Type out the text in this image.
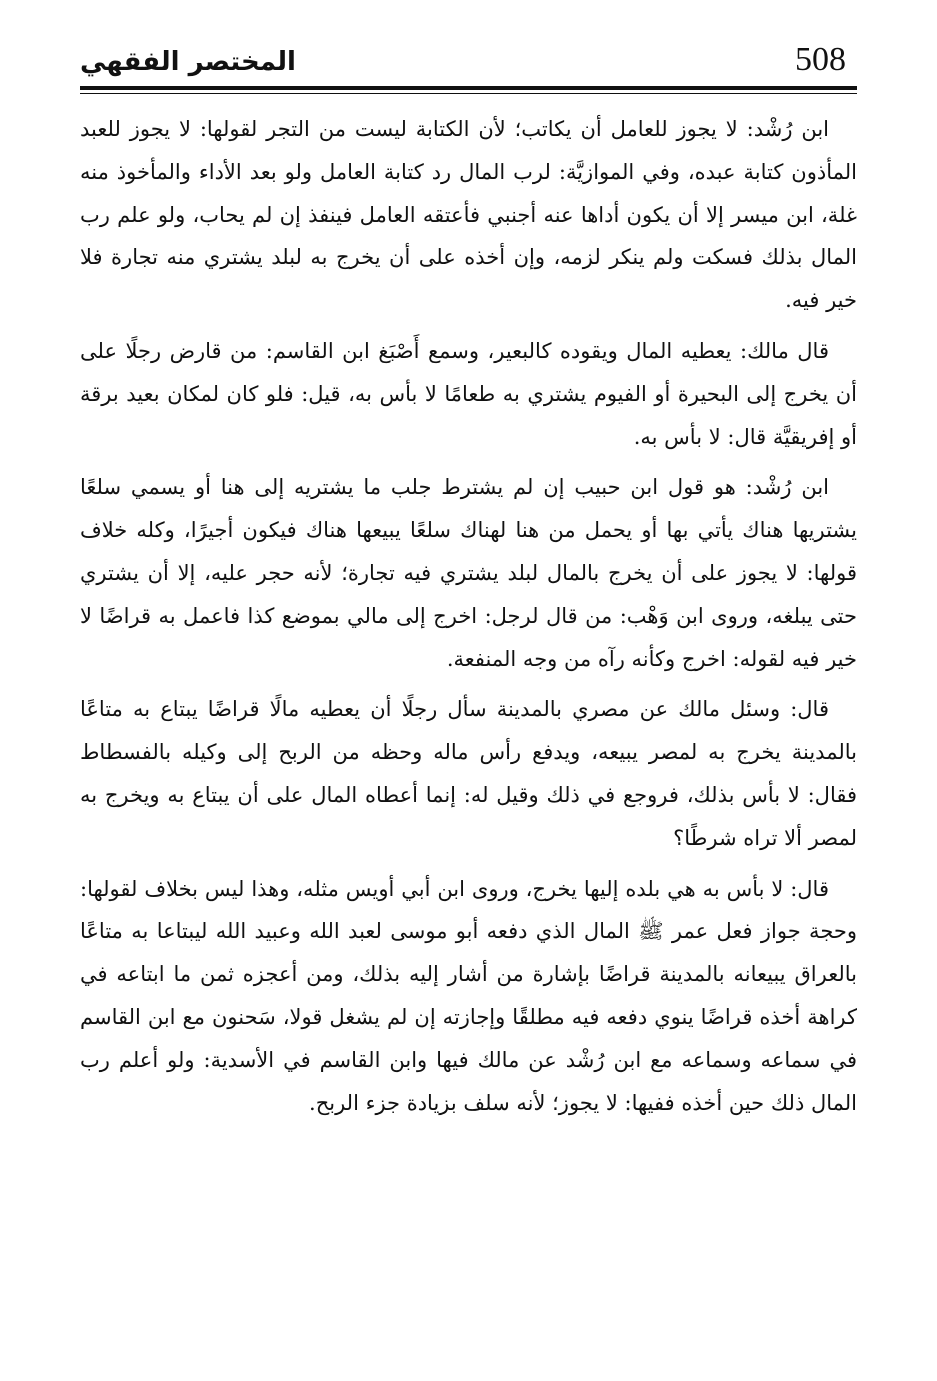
المختصر الفقهي	508

ابن رُشْد: لا يجوز للعامل أن يكاتب؛ لأن الكتابة ليست من التجر لقولها: لا يجوز للعبد المأذون كتابة عبده، وفي الموازيَّة: لرب المال رد كتابة العامل ولو بعد الأداء والمأخوذ منه غلة، ابن ميسر إلا أن يكون أداها عنه أجنبي فأعتقه العامل فينفذ إن لم يحاب، ولو علم رب المال بذلك فسكت ولم ينكر لزمه، وإن أخذه على أن يخرج به لبلد يشتري منه تجارة فلا خير فيه.

قال مالك: يعطيه المال ويقوده كالبعير، وسمع أَصْبَغ ابن القاسم: من قارض رجلًا على أن يخرج إلى البحيرة أو الفيوم يشتري به طعامًا لا بأس به، قيل: فلو كان لمكان بعيد برقة أو إفريقيَّة قال: لا بأس به.

ابن رُشْد: هو قول ابن حبيب إن لم يشترط جلب ما يشتريه إلى هنا أو يسمي سلعًا يشتريها هناك يأتي بها أو يحمل من هنا لهناك سلعًا يبيعها هناك فيكون أجيرًا، وكله خلاف قولها: لا يجوز على أن يخرج بالمال لبلد يشتري فيه تجارة؛ لأنه حجر عليه، إلا أن يشتري حتى يبلغه، وروى ابن وَهْب: من قال لرجل: اخرج إلى مالي بموضع كذا فاعمل به قراضًا لا خير فيه لقوله: اخرج وكأنه رآه من وجه المنفعة.

قال: وسئل مالك عن مصري بالمدينة سأل رجلًا أن يعطيه مالًا قراضًا يبتاع به متاعًا بالمدينة يخرج به لمصر يبيعه، ويدفع رأس ماله وحظه من الربح إلى وكيله بالفسطاط فقال: لا بأس بذلك، فروجع في ذلك وقيل له: إنما أعطاه المال على أن يبتاع به ويخرج به لمصر ألا تراه شرطًا؟

قال: لا بأس به هي بلده إليها يخرج، وروى ابن أبي أويس مثله، وهذا ليس بخلاف لقولها: وحجة جواز فعل عمر ﷺ المال الذي دفعه أبو موسى لعبد الله وعبيد الله ليبتاعا به متاعًا بالعراق يبيعانه بالمدينة قراضًا بإشارة من أشار إليه بذلك، ومن أعجزه ثمن ما ابتاعه في كراهة أخذه قراضًا ينوي دفعه فيه مطلقًا وإجازته إن لم يشغل قولا، سَحنون مع ابن القاسم في سماعه وسماعه مع ابن رُشْد عن مالك فيها وابن القاسم في الأسدية: ولو أعلم رب المال ذلك حين أخذه ففيها: لا يجوز؛ لأنه سلف بزيادة جزء الربح.
